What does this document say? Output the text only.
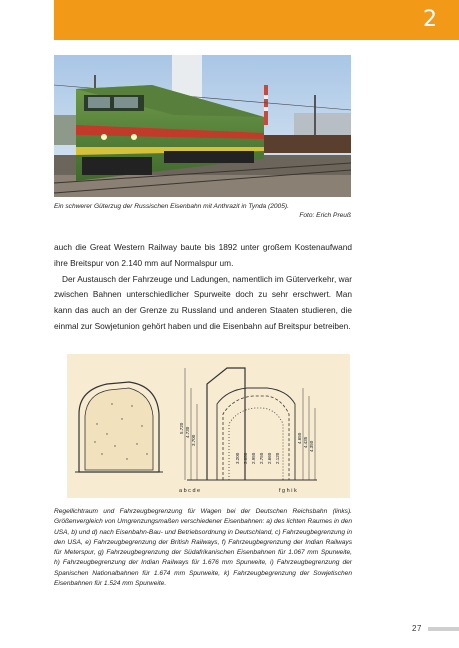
2
Ein schwerer Güterzug der Russischen Eisenbahn mit Anthrazit in Tynda (2005).
Foto: Erich Preuß

auch die Great Western Railway baute bis 1892 unter großem Kostenaufwand ihre Breitspur von 2.140 mm auf Normalspur um.

Der Austausch der Fahrzeuge und Ladungen, namentlich im Güterverkehr, war zwischen Bahnen unterschiedlicher Spurweite doch zu sehr erschwert. Man kann das auch an der Grenze zu Russland und anderen Staaten studieren, die einmal zur Sowjetunion gehört haben und die Eisenbahn auf Breitspur betreiben.

a b c d e	f g h i k
5.720 4.730
3.700
3.200 3.050 2.950 2.750 2.660 2.120
4.650 4.435 4.350
Regellichtraum und Fahrzeugbegrenzung für Wagen bei der Deutschen Reichsbahn (links). Größenvergleich von Umgrenzungsmaßen verschiedener Eisenbahnen: a) des lichten Raumes in den USA, b) und d) nach Eisenbahn-Bau- und Betriebsordnung in Deutschland, c) Fahrzeugbegrenzung in den USA, e) Fahrzeugbegrenzung der British Railways, f) Fahrzeugbegrenzung der Indian Railways für Meterspur, g) Fahrzeugbegrenzung der Südafrikanischen Eisenbahnen für 1.067 mm Spurweite, h) Fahrzeugbegrenzung der Indian Railways für 1.676 mm Spurweite, i) Fahrzeugbegrenzung der Spanischen Nationalbahnen für 1.674 mm Spurweite, k) Fahrzeugbegrenzung der Sowjetischen Eisenbahnen für 1.524 mm Spurweite.
27
